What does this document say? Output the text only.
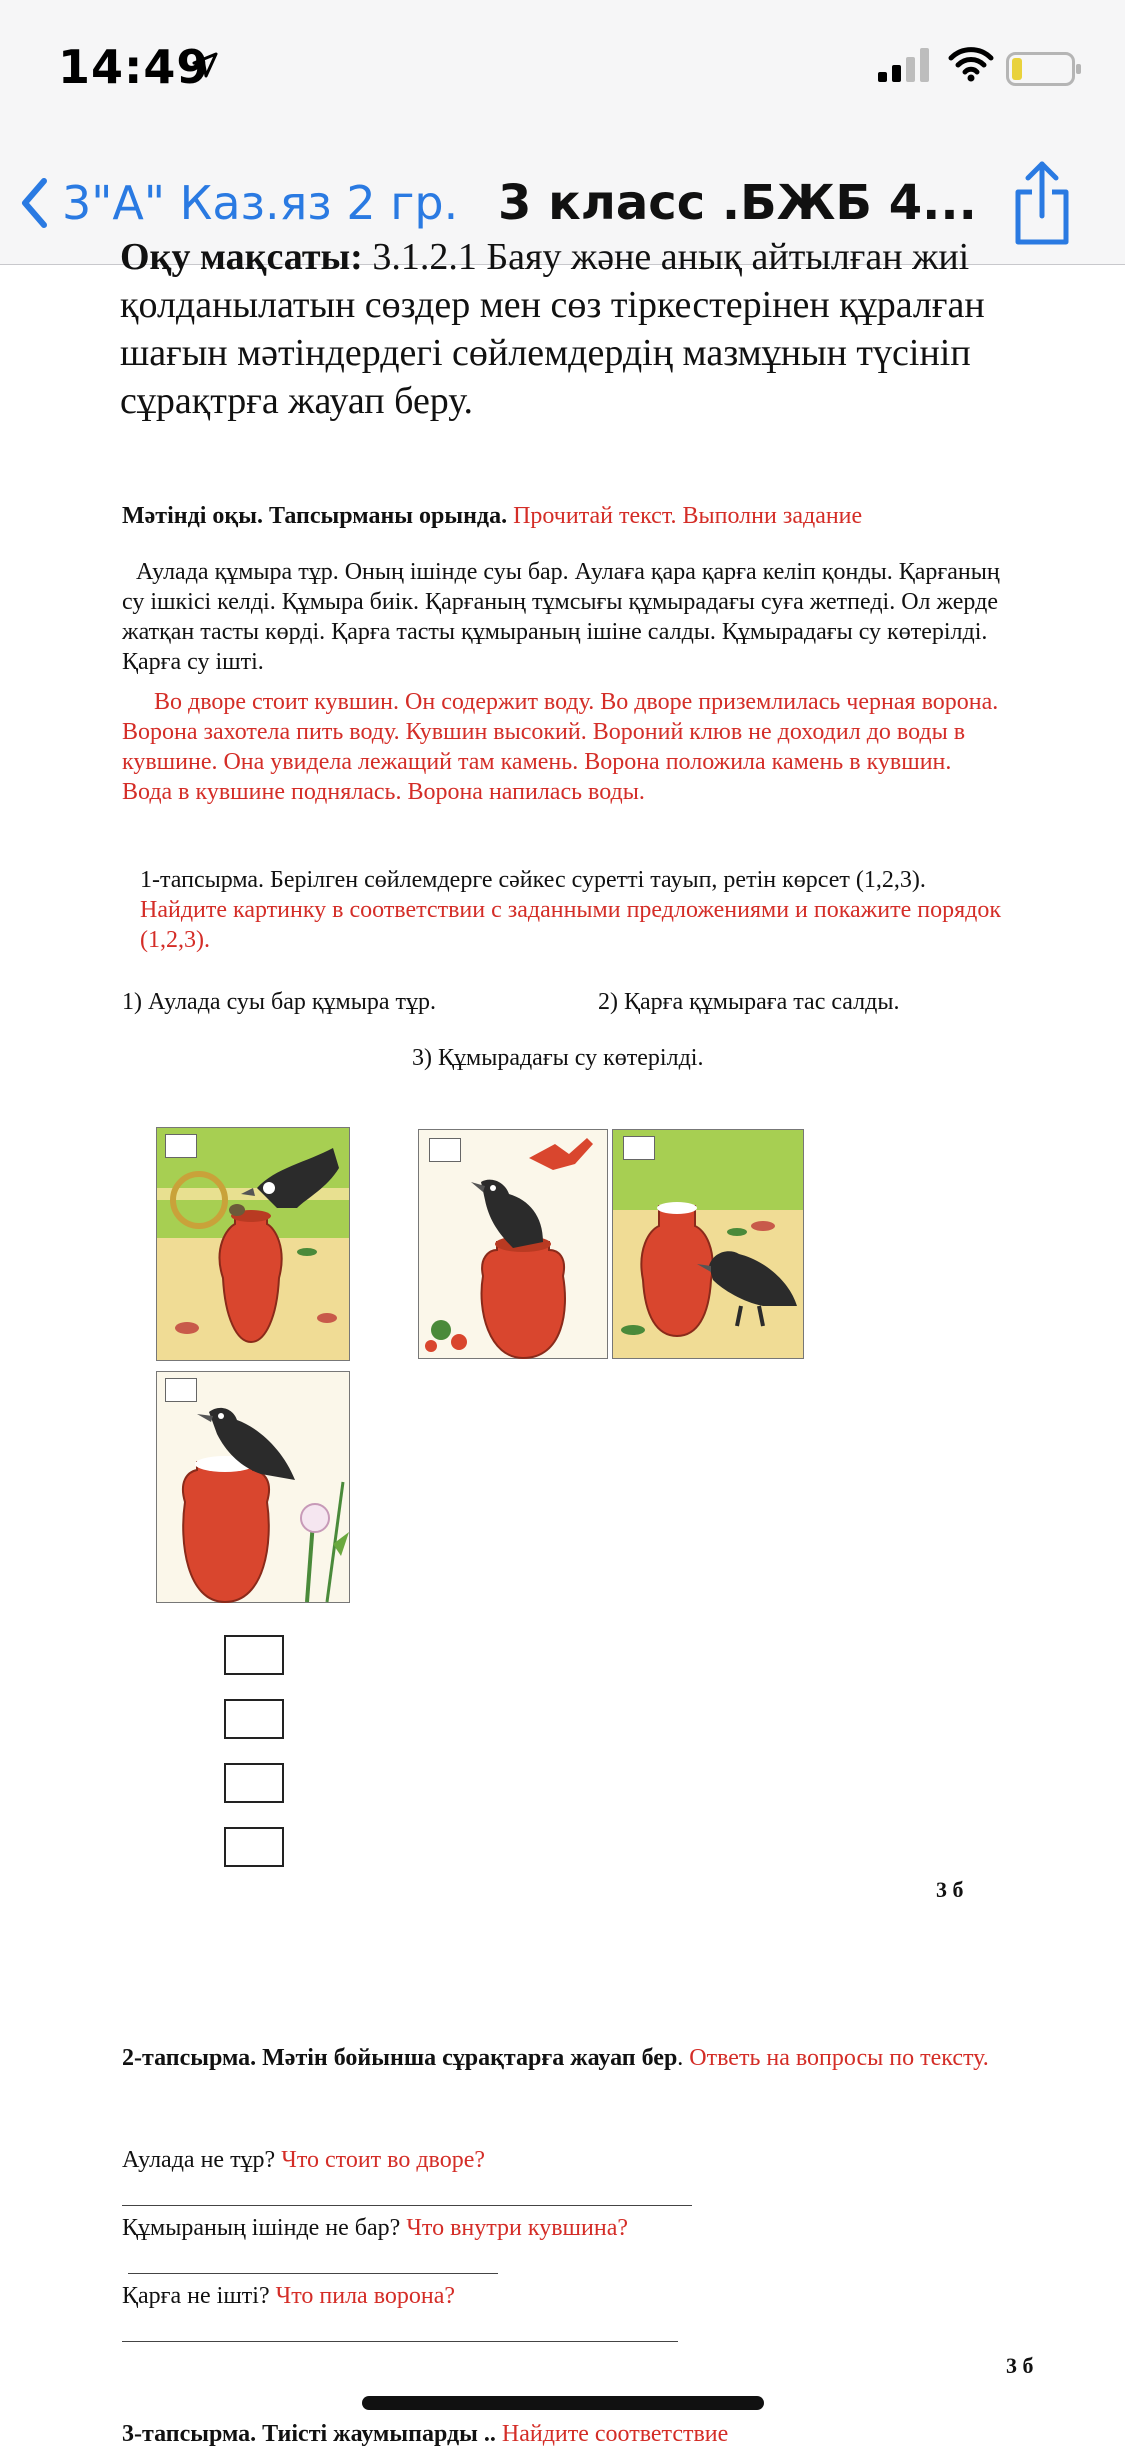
14:49
3"А" Каз.яз 2 гр. 3 класс .БЖБ 4...
Оқу мақсаты: 3.1.2.1 Баяу және анық айтылған жиі
қолданылатын сөздер мен сөз тіркестерінен құралған
шағын мәтіндердегі сөйлемдердің мазмұнын түсініп
сұрақтрға жауап беру.
Мәтінді оқы. Тапсырманы орында. Прочитай текст. Выполни задание
Аулада құмыра тұр. Оның ішінде суы бар. Аулаға қара қарға келіп қонды. Қарғаның су ішкісі келді. Құмыра биік. Қарғаның тұмсығы құмырадағы суға жетпеді. Ол жерде жатқан тасты көрді. Қарға тасты құмыраның ішіне салды. Құмырадағы су көтерілді. Қарға су ішті.
Во дворе стоит кувшин. Он содержит воду. Во дворе приземлилась черная ворона. Ворона захотела пить воду. Кувшин высокий. Вороний клюв не доходил до воды в кувшине. Она увидела лежащий там камень. Ворона положила камень в кувшин. Вода в кувшине поднялась. Ворона напилась воды.
1-тапсырма. Берілген сөйлемдерге сәйкес суретті тауып, ретін көрсет (1,2,3).
Найдите картинку в соответствии с заданными предложениями и покажите порядок (1,2,3).
1) Аулада суы бар құмыра тұр.	2) Қарға құмыраға тас салды.
3) Құмырадағы су көтерілді.
3 б
2-тапсырма. Мәтін бойынша сұрақтарға жауап бер. Ответь на вопросы по тексту.
Аулада не тұр? Что стоит во дворе?
Құмыраның ішінде не бар? Что внутри кувшина?
Қарға не ішті? Что пила ворона?
3 б
3-тапсырма. Тиісті жаумыпарды .. Найдите соответствие
